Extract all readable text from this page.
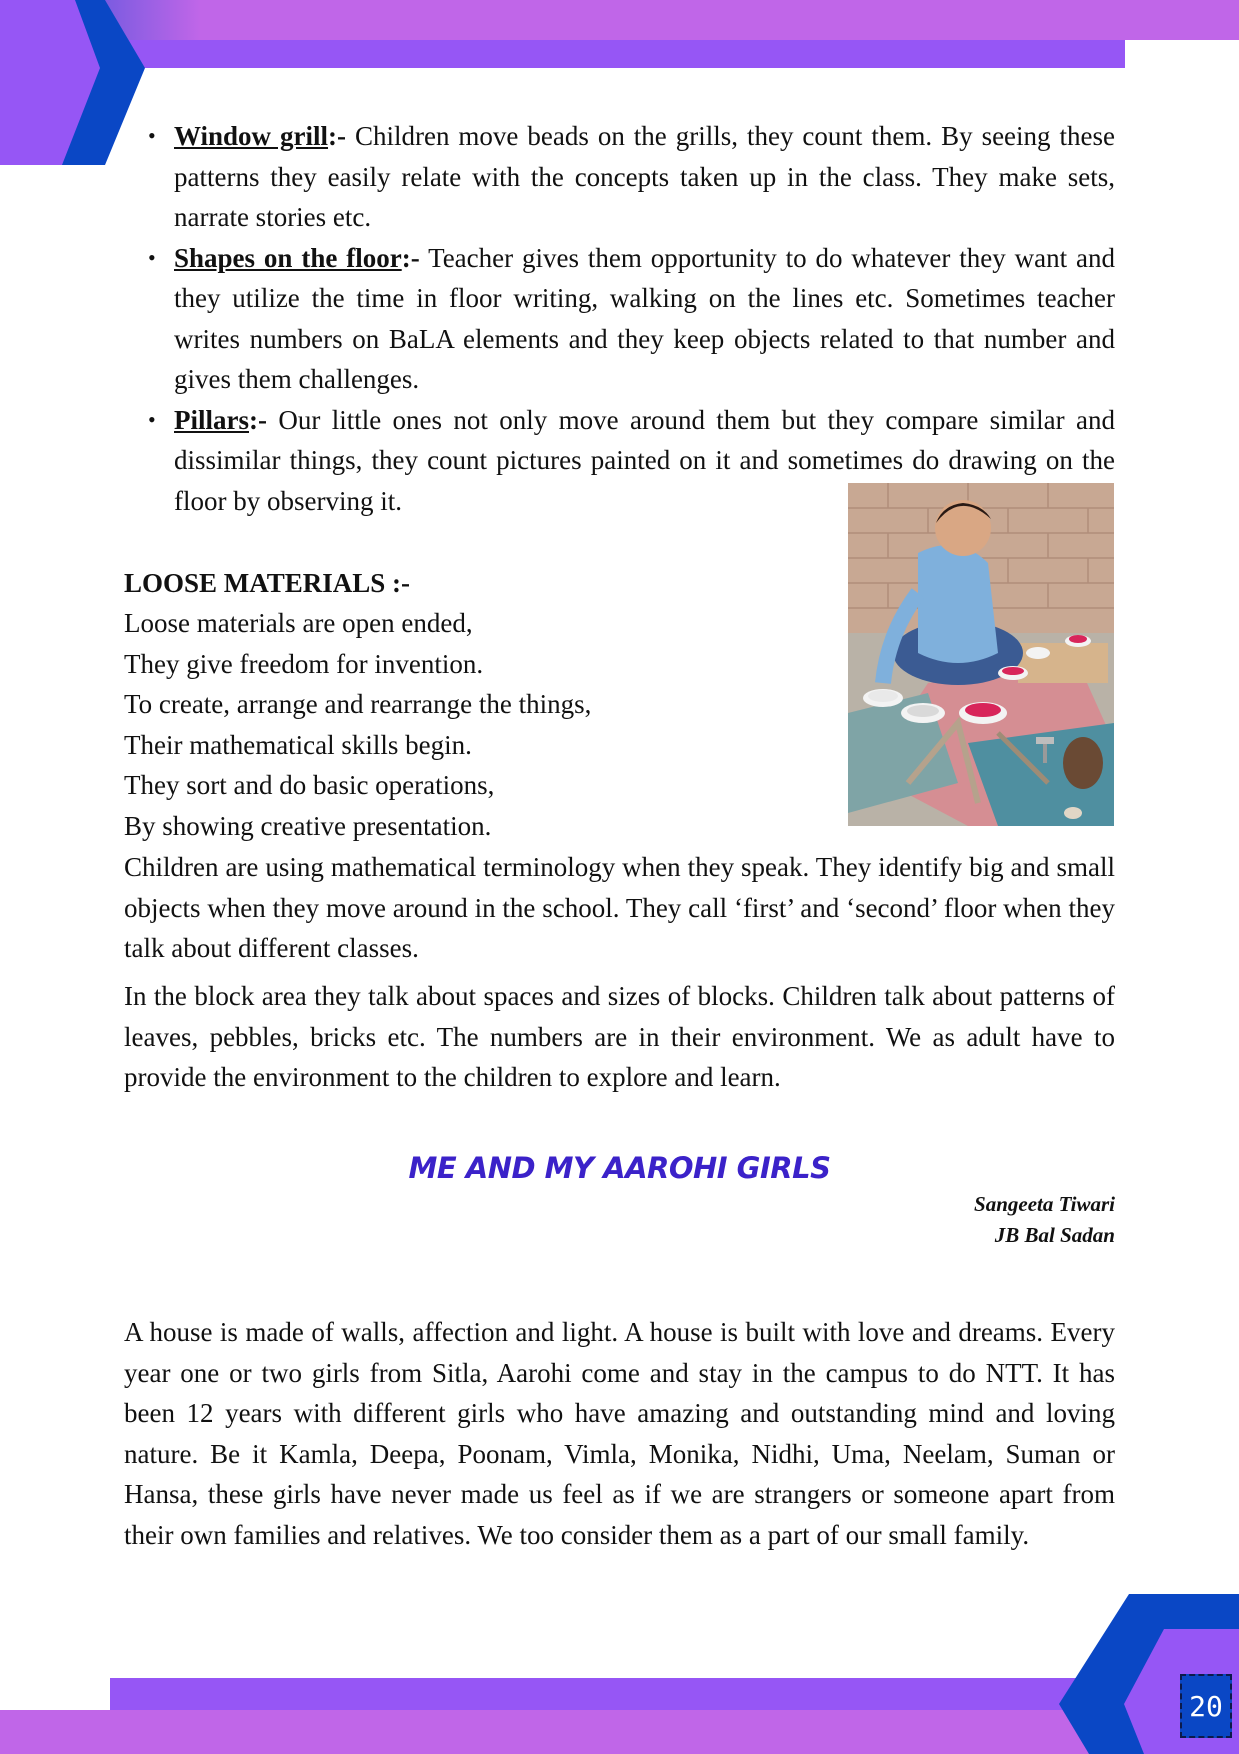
20
• Window grill:- Children move beads on the grills, they count them. By seeing these patterns they easily relate with the concepts taken up in the class. They make sets, narrate stories etc.
• Shapes on the floor:- Teacher gives them opportunity to do whatever they want and they utilize the time in floor writing, walking on the lines etc. Sometimes teacher writes numbers on BaLA elements and they keep objects related to that number and gives them challenges.
• Pillars:- Our little ones not only move around them but they compare similar and dissimilar things, they count pictures painted on it and sometimes do drawing on the floor by observing it.
LOOSE MATERIALS :-
Loose materials are open ended,
They give freedom for invention.
To create, arrange and rearrange the things,
Their mathematical skills begin.
They sort and do basic operations,
By showing creative presentation.
Children are using mathematical terminology when they speak. They identify big and small objects when they move around in the school. They call ‘first’ and ‘second’ floor when they talk about different classes.
In the block area they talk about spaces and sizes of blocks. Children talk about patterns of leaves, pebbles, bricks etc. The numbers are in their environment. We as adult have to provide the environment to the children to explore and learn.
ME AND MY AAROHI GIRLS
Sangeeta Tiwari
JB Bal Sadan
A house is made of walls, affection and light. A house is built with love and dreams. Every year one or two girls from Sitla, Aarohi come and stay in the campus to do NTT. It has been 12 years with different girls who have amazing and outstanding mind and loving nature. Be it Kamla, Deepa, Poonam, Vimla, Monika, Nidhi, Uma, Neelam, Suman or Hansa, these girls have never made us feel as if we are strangers or someone apart from their own families and relatives. We too consider them as a part of our small family.
